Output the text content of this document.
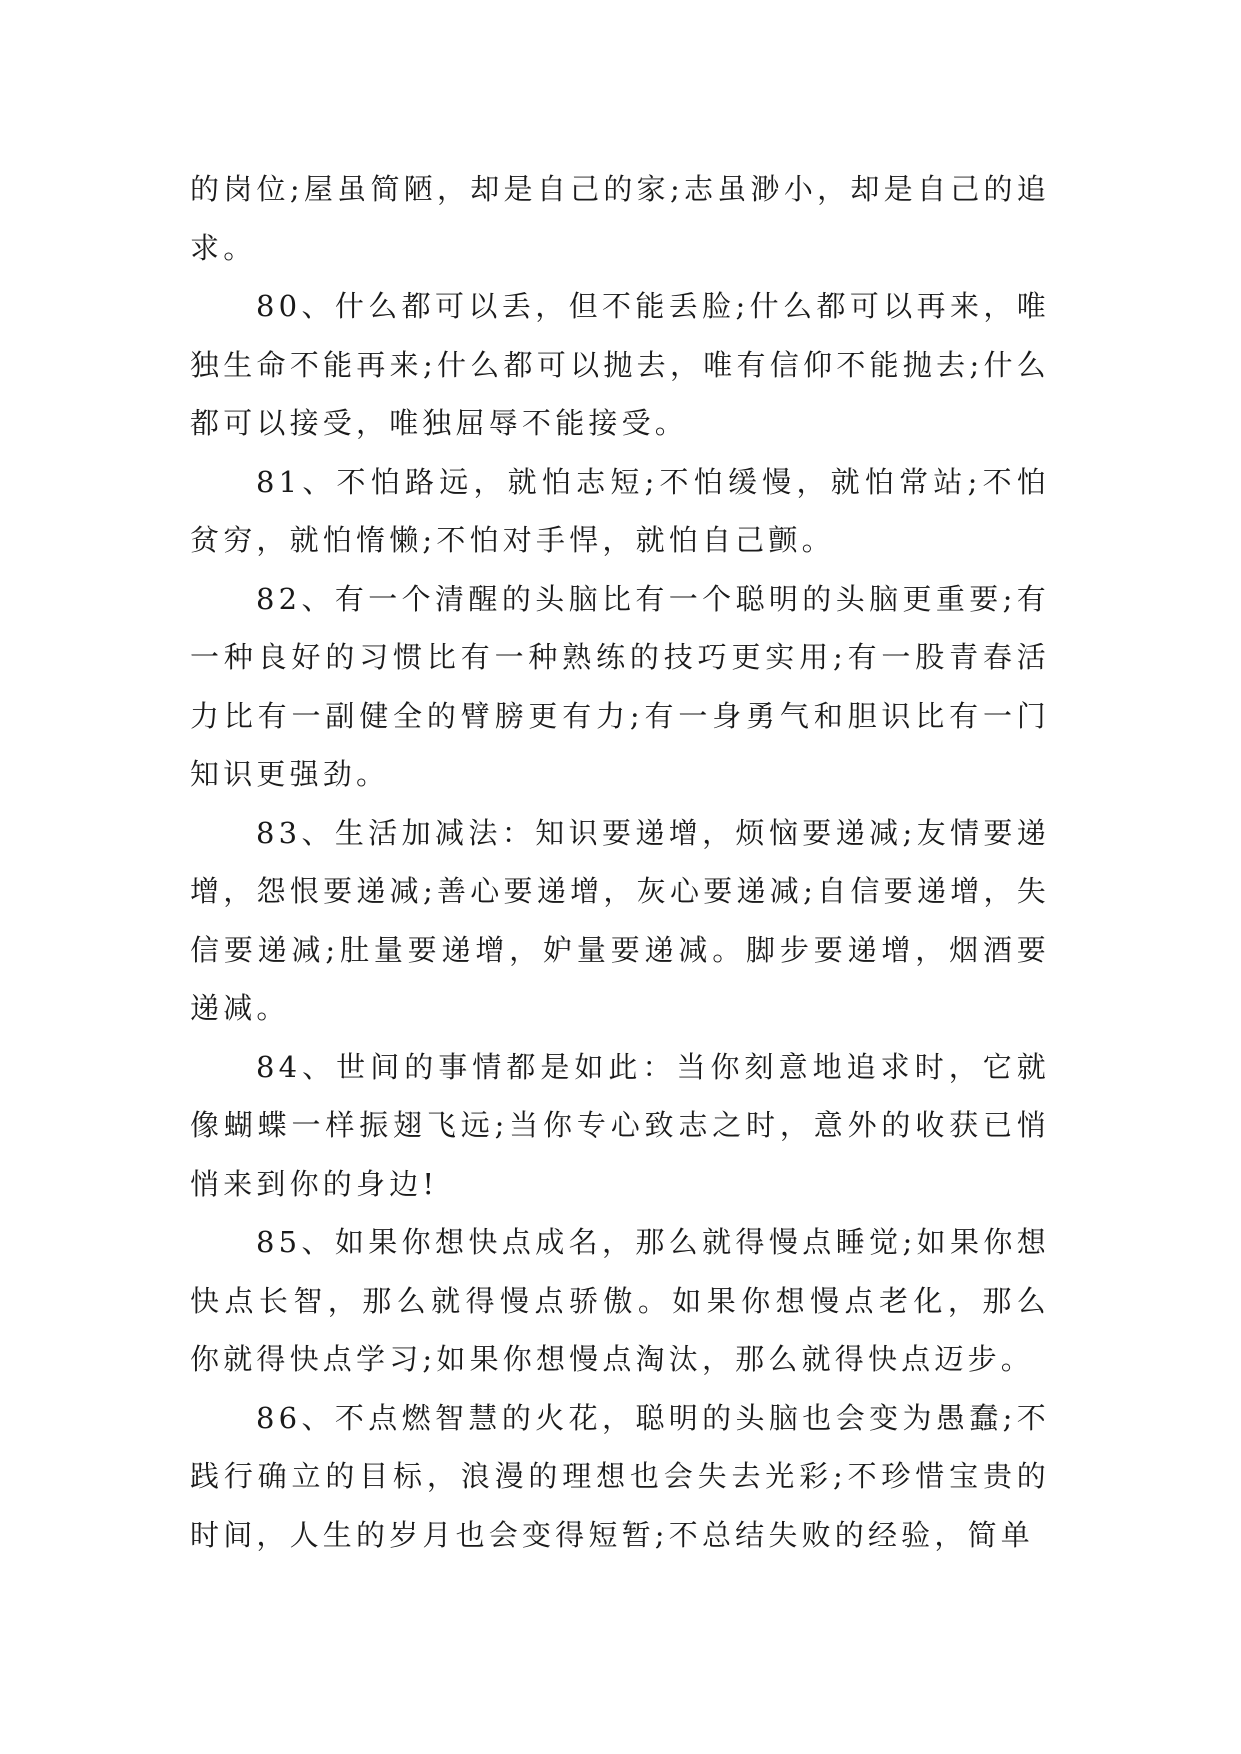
的岗位;屋虽简陋，却是自己的家;志虽渺小，却是自己的追求。

80、什么都可以丢，但不能丢脸;什么都可以再来，唯独生命不能再来;什么都可以抛去，唯有信仰不能抛去;什么都可以接受，唯独屈辱不能接受。

81、不怕路远，就怕志短;不怕缓慢，就怕常站;不怕贫穷，就怕惰懒;不怕对手悍，就怕自己颤。

82、有一个清醒的头脑比有一个聪明的头脑更重要;有一种良好的习惯比有一种熟练的技巧更实用;有一股青春活力比有一副健全的臂膀更有力;有一身勇气和胆识比有一门知识更强劲。

83、生活加减法：知识要递增，烦恼要递减;友情要递增，怨恨要递减;善心要递增，灰心要递减;自信要递增，失信要递减;肚量要递增，妒量要递减。脚步要递增，烟酒要递减。

84、世间的事情都是如此：当你刻意地追求时，它就像蝴蝶一样振翅飞远;当你专心致志之时，意外的收获已悄悄来到你的身边!

85、如果你想快点成名，那么就得慢点睡觉;如果你想快点长智，那么就得慢点骄傲。如果你想慢点老化，那么你就得快点学习;如果你想慢点淘汰，那么就得快点迈步。

86、不点燃智慧的火花，聪明的头脑也会变为愚蠢;不践行确立的目标，浪漫的理想也会失去光彩;不珍惜宝贵的时间，人生的岁月也会变得短暂;不总结失败的经验，简单
